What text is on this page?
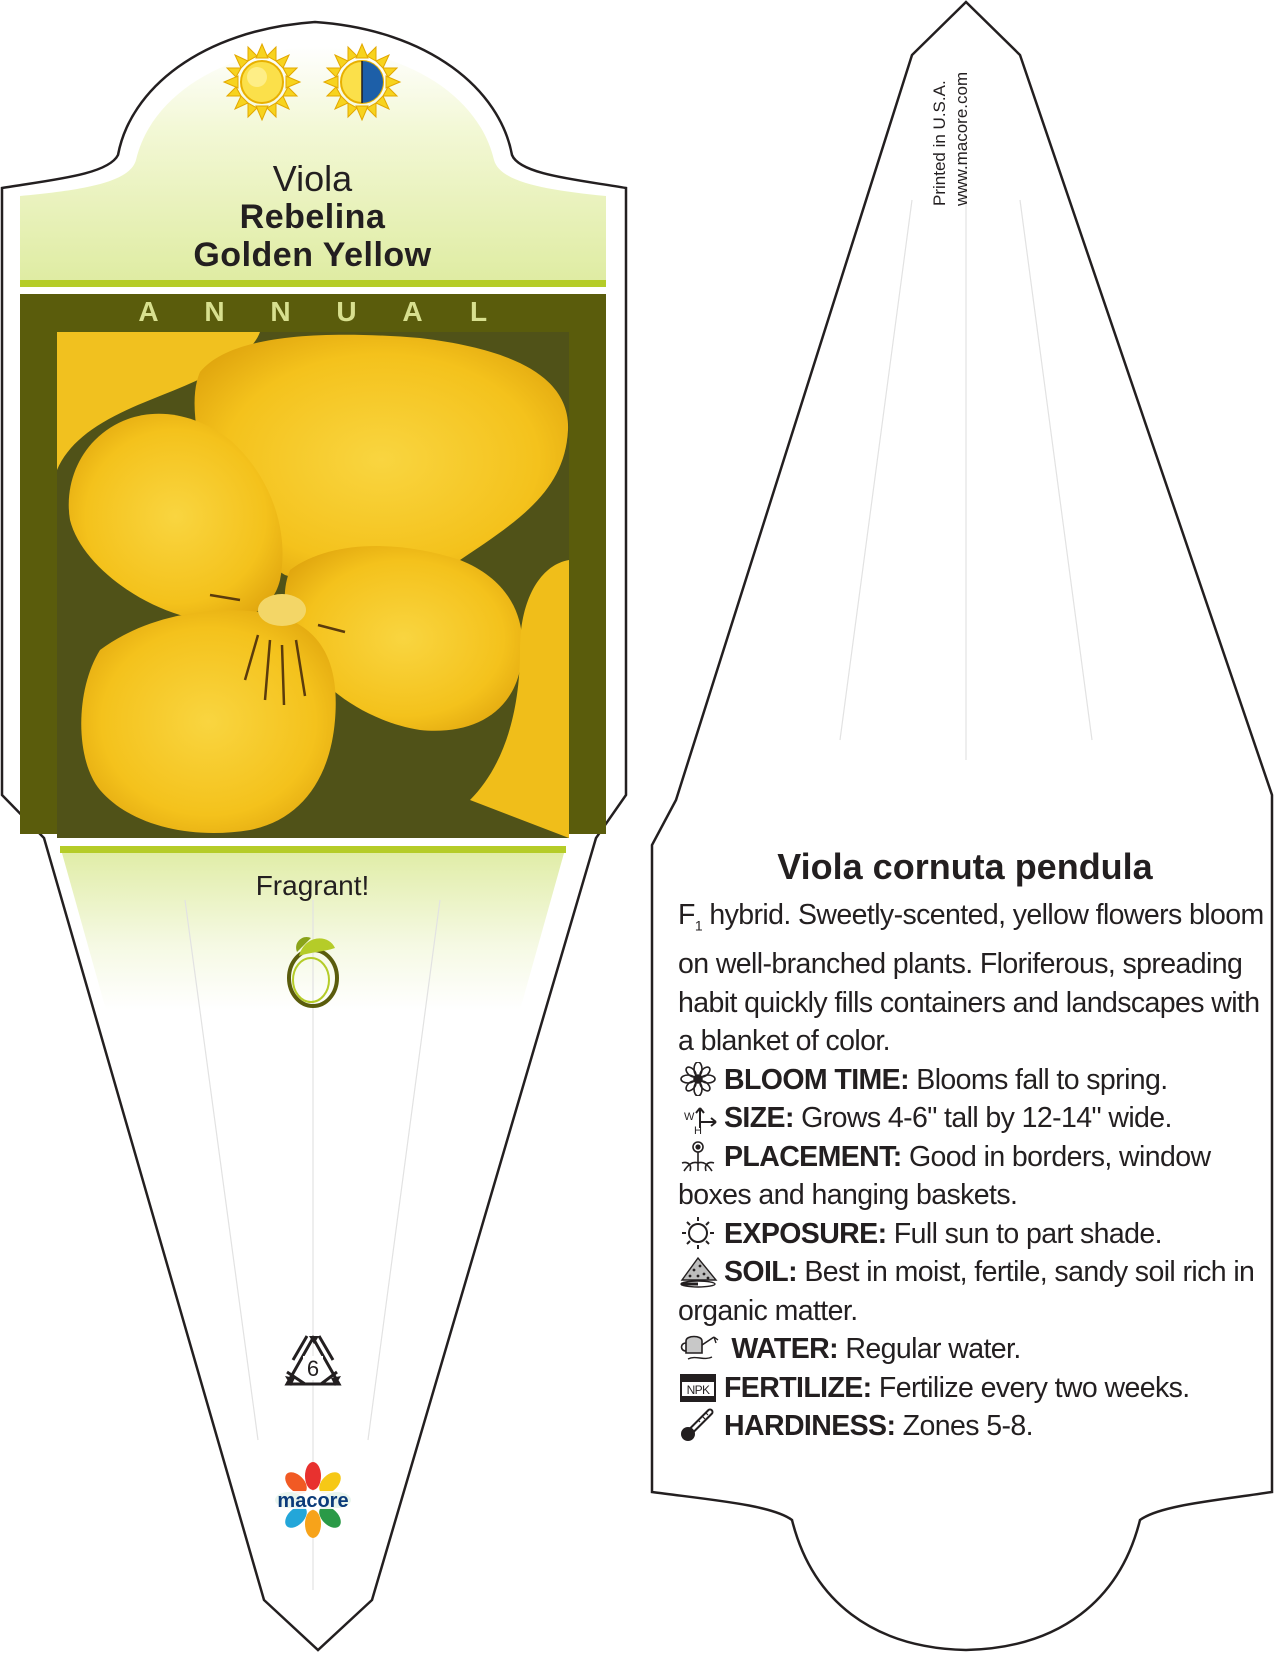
6
macore
Viola
Rebelina
Golden Yellow
A N N U A L
Fragrant!
Printed in U.S.A. www.macore.com
Viola cornuta pendula

$F_1$ hybrid. Sweetly-scented, yellow flowers bloom on well-branched plants. Floriferous, spreading habit quickly fills containers and landscapes with a blanket of color.

BLOOM TIME: Blooms fall to spring.

W
H SIZE: Grows 4-6" tall by 12-14" wide.

PLACEMENT: Good in borders, window boxes and hanging baskets.

EXPOSURE: Full sun to part shade.

SOIL: Best in moist, fertile, sandy soil rich in organic matter.

WATER: Regular water.

NPK FERTILIZE: Fertilize every two weeks.

HARDINESS: Zones 5-8.
